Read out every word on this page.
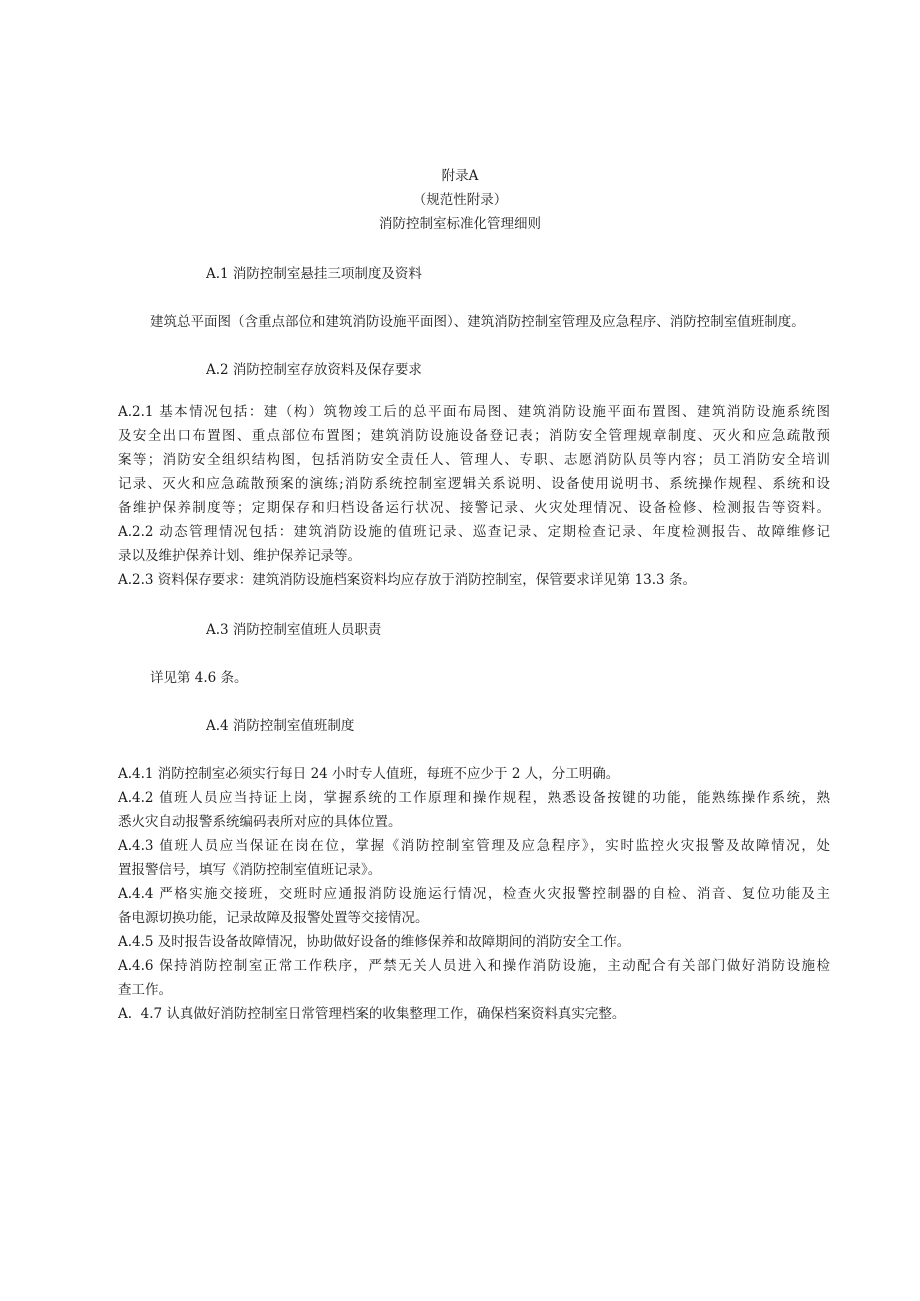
附录A
（规范性附录）
消防控制室标准化管理细则
A.1 消防控制室悬挂三项制度及资料
建筑总平面图（含重点部位和建筑消防设施平面图）、建筑消防控制室管理及应急程序、消防控制室值班制度。
A.2 消防控制室存放资料及保存要求
A.2.1 基本情况包括：建（构）筑物竣工后的总平面布局图、建筑消防设施平面布置图、建筑消防设施系统图
及安全出口布置图、重点部位布置图；建筑消防设施设备登记表；消防安全管理规章制度、灭火和应急疏散预
案等；消防安全组织结构图，包括消防安全责任人、管理人、专职、志愿消防队员等内容；员工消防安全培训
记录、灭火和应急疏散预案的演练;消防系统控制室逻辑关系说明、设备使用说明书、系统操作规程、系统和设
备维护保养制度等；定期保存和归档设备运行状况、接警记录、火灾处理情况、设备检修、检测报告等资料。
A.2.2 动态管理情况包括：建筑消防设施的值班记录、巡查记录、定期检查记录、年度检测报告、故障维修记
录以及维护保养计划、维护保养记录等。
A.2.3 资料保存要求：建筑消防设施档案资料均应存放于消防控制室，保管要求详见第 13.3 条。
A.3 消防控制室值班人员职责
详见第 4.6 条。
A.4 消防控制室值班制度
A.4.1 消防控制室必须实行每日 24 小时专人值班，每班不应少于 2 人，分工明确。
A.4.2 值班人员应当持证上岗，掌握系统的工作原理和操作规程，熟悉设备按键的功能，能熟练操作系统，熟
悉火灾自动报警系统编码表所对应的具体位置。
A.4.3 值班人员应当保证在岗在位，掌握《消防控制室管理及应急程序》，实时监控火灾报警及故障情况，处
置报警信号，填写《消防控制室值班记录》。
A.4.4 严格实施交接班，交班时应通报消防设施运行情况，检查火灾报警控制器的自检、消音、复位功能及主
备电源切换功能，记录故障及报警处置等交接情况。
A.4.5 及时报告设备故障情况，协助做好设备的维修保养和故障期间的消防安全工作。
A.4.6 保持消防控制室正常工作秩序，严禁无关人员进入和操作消防设施，主动配合有关部门做好消防设施检
查工作。
A.  4.7 认真做好消防控制室日常管理档案的收集整理工作，确保档案资料真实完整。
